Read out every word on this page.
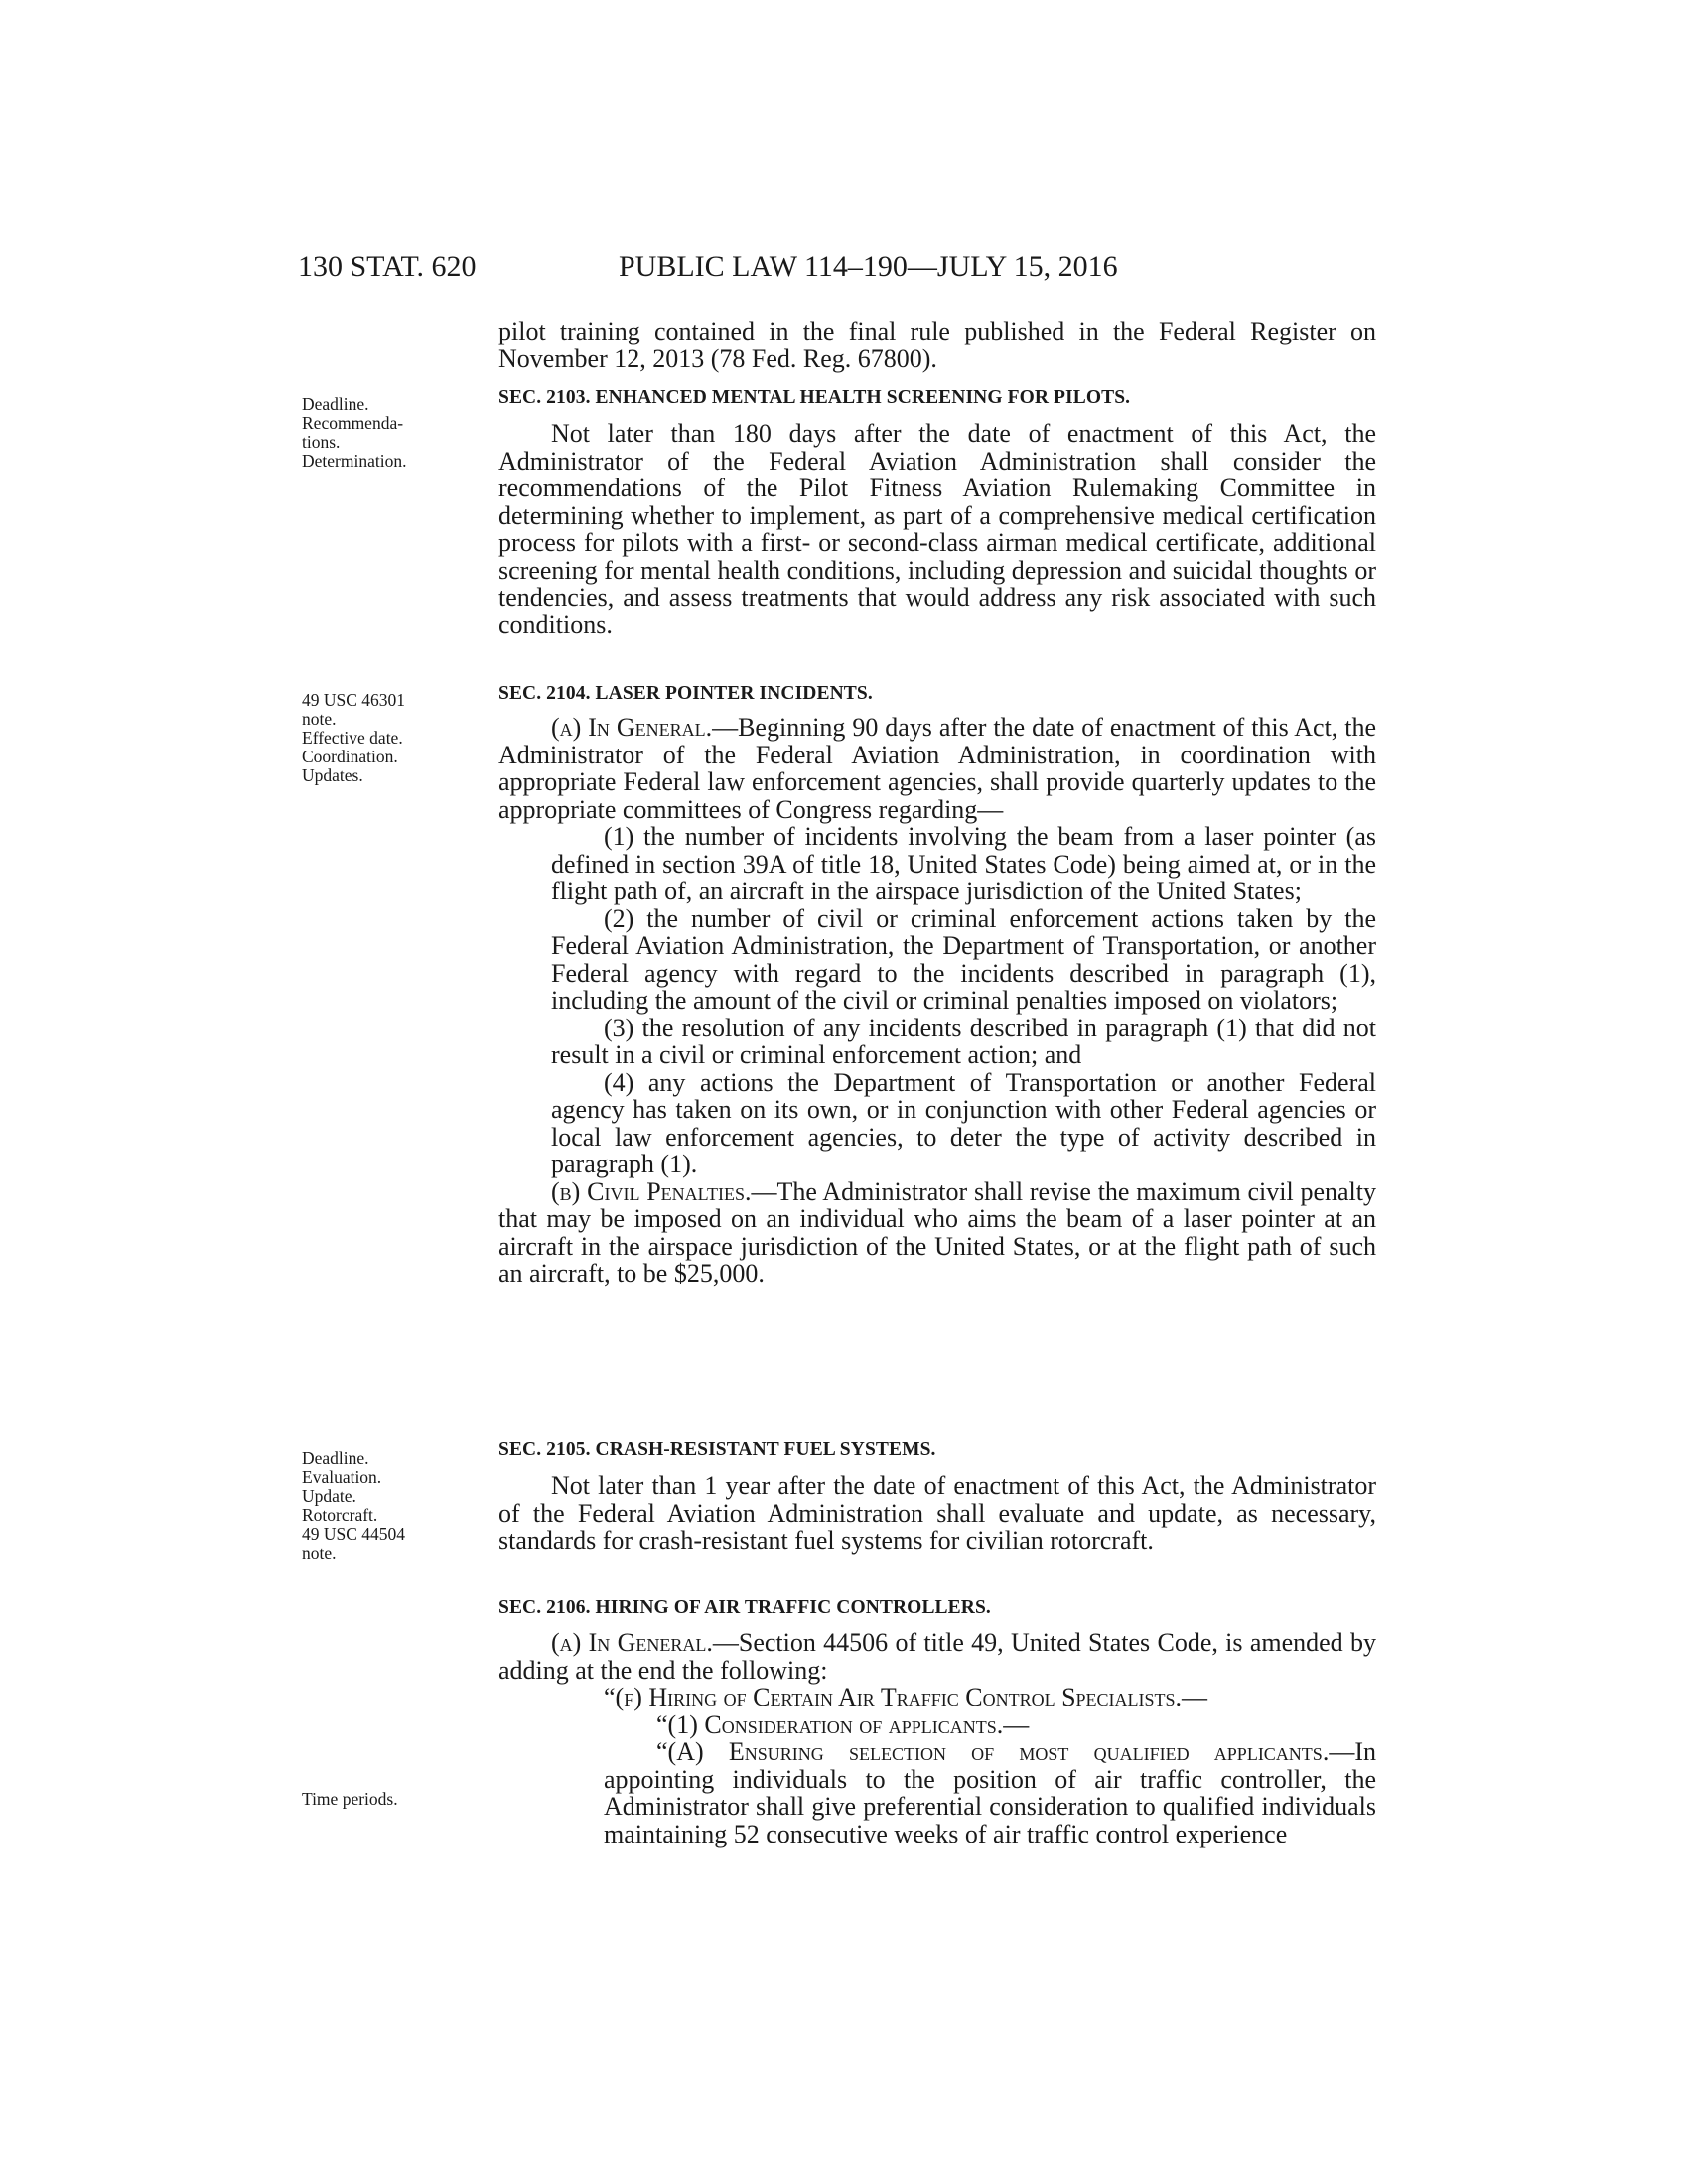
130 STAT. 620	PUBLIC LAW 114–190—JULY 15, 2016
Deadline.
Recommenda-
tions.
Determination.
49 USC 46301
note.
Effective date.
Coordination.
Updates.
Deadline.
Evaluation.
Update.
Rotorcraft.
49 USC 44504
note.
Time periods.

pilot training contained in the final rule published in the Federal Register on November 12, 2013 (78 Fed. Reg. 67800).

SEC. 2103. ENHANCED MENTAL HEALTH SCREENING FOR PILOTS.

Not later than 180 days after the date of enactment of this Act, the Administrator of the Federal Aviation Administration shall consider the recommendations of the Pilot Fitness Aviation Rulemaking Committee in determining whether to implement, as part of a comprehensive medical certification process for pilots with a first- or second-class airman medical certificate, additional screening for mental health conditions, including depression and suicidal thoughts or tendencies, and assess treatments that would address any risk associated with such conditions.

SEC. 2104. LASER POINTER INCIDENTS.

(a) In General.—Beginning 90 days after the date of enactment of this Act, the Administrator of the Federal Aviation Administration, in coordination with appropriate Federal law enforcement agencies, shall provide quarterly updates to the appropriate committees of Congress regarding—

(1) the number of incidents involving the beam from a laser pointer (as defined in section 39A of title 18, United States Code) being aimed at, or in the flight path of, an aircraft in the airspace jurisdiction of the United States;

(2) the number of civil or criminal enforcement actions taken by the Federal Aviation Administration, the Department of Transportation, or another Federal agency with regard to the incidents described in paragraph (1), including the amount of the civil or criminal penalties imposed on violators;

(3) the resolution of any incidents described in paragraph (1) that did not result in a civil or criminal enforcement action; and

(4) any actions the Department of Transportation or another Federal agency has taken on its own, or in conjunction with other Federal agencies or local law enforcement agencies, to deter the type of activity described in paragraph (1).

(b) Civil Penalties.—The Administrator shall revise the maximum civil penalty that may be imposed on an individual who aims the beam of a laser pointer at an aircraft in the airspace jurisdiction of the United States, or at the flight path of such an aircraft, to be $25,000.

SEC. 2105. CRASH-RESISTANT FUEL SYSTEMS.

Not later than 1 year after the date of enactment of this Act, the Administrator of the Federal Aviation Administration shall evaluate and update, as necessary, standards for crash-resistant fuel systems for civilian rotorcraft.

SEC. 2106. HIRING OF AIR TRAFFIC CONTROLLERS.

(a) In General.—Section 44506 of title 49, United States Code, is amended by adding at the end the following:

“(f) Hiring of Certain Air Traffic Control Specialists.—

“(1) Consideration of applicants.—

“(A) Ensuring selection of most qualified applicants.—In appointing individuals to the position of air traffic controller, the Administrator shall give preferential consideration to qualified individuals maintaining 52 consecutive weeks of air traffic control experience
